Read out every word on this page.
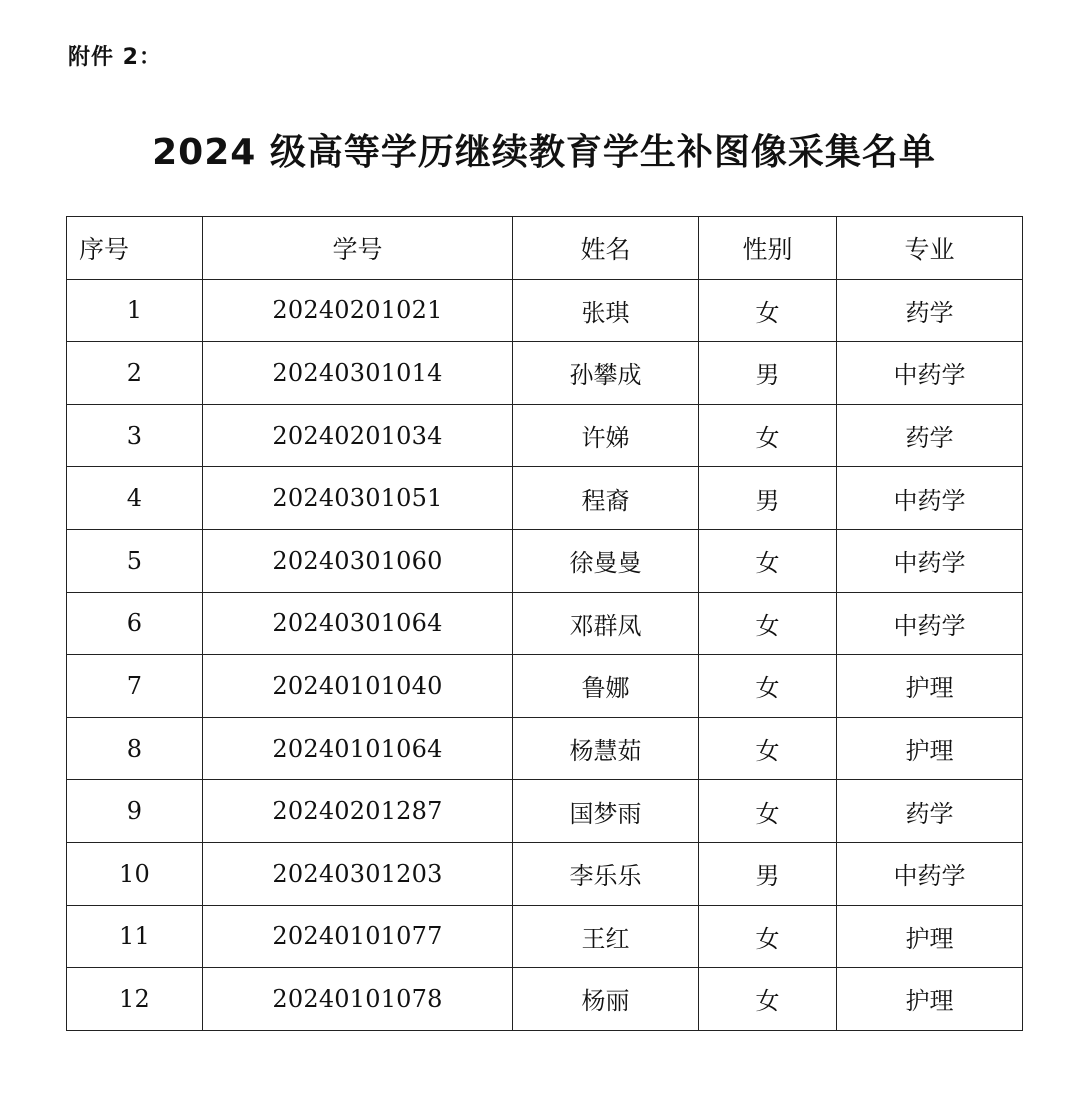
附件 2：
2024 级高等学历继续教育学生补图像采集名单
序号	学号	姓名	性别	专业
1	20240201021	张琪	女	药学
2	20240301014	孙攀成	男	中药学
3	20240201034	许娣	女	药学
4	20240301051	程裔	男	中药学
5	20240301060	徐曼曼	女	中药学
6	20240301064	邓群凤	女	中药学
7	20240101040	鲁娜	女	护理
8	20240101064	杨慧茹	女	护理
9	20240201287	国梦雨	女	药学
10	20240301203	李乐乐	男	中药学
11	20240101077	王红	女	护理
12	20240101078	杨丽	女	护理
